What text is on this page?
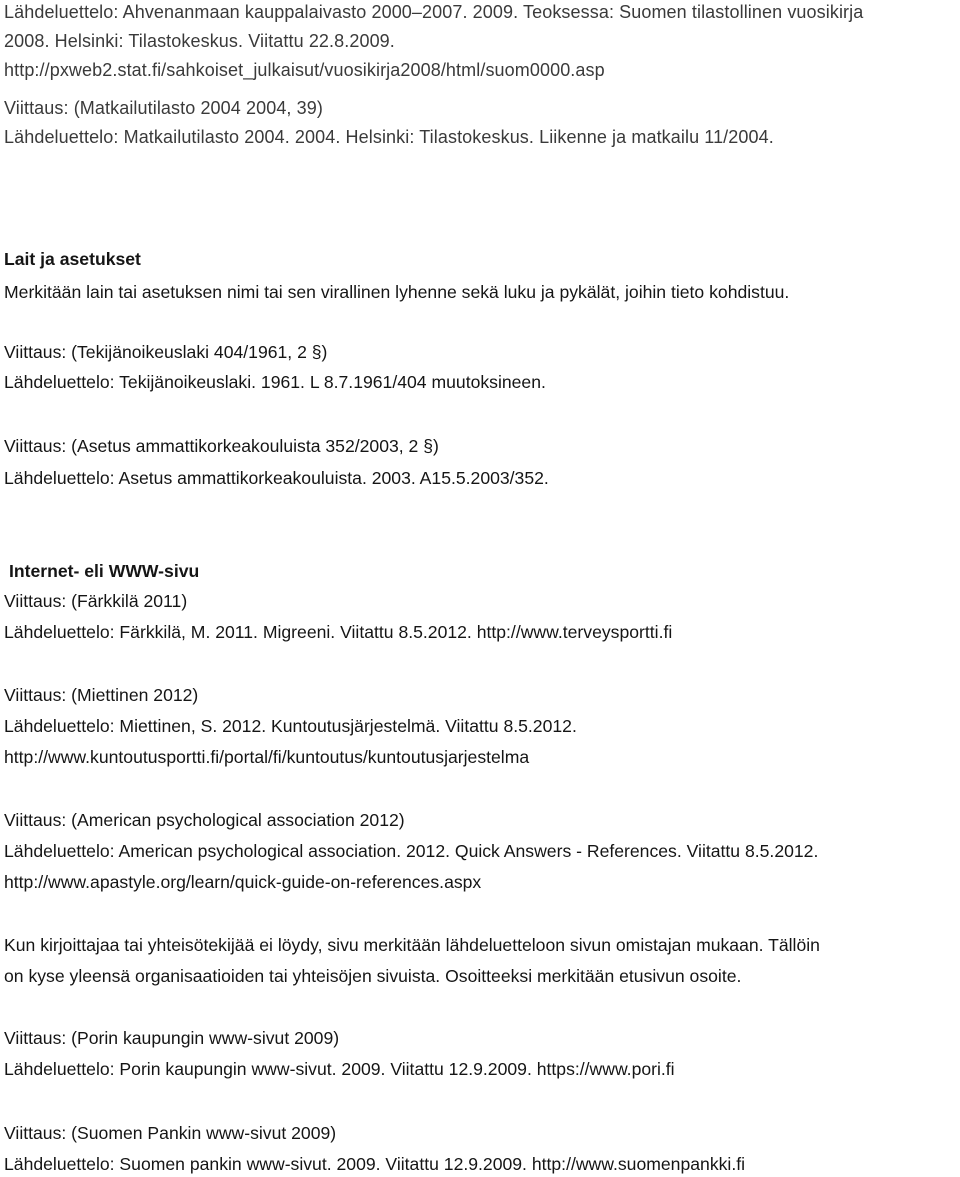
Lähdeluettelo: Ahvenanmaan kauppalaivasto 2000–2007. 2009. Teoksessa: Suomen tilastollinen vuosikirja
2008. Helsinki: Tilastokeskus. Viitattu 22.8.2009.
http://pxweb2.stat.fi/sahkoiset_julkaisut/vuosikirja2008/html/suom0000.asp
Viittaus: (Matkailutilasto 2004 2004, 39)
Lähdeluettelo: Matkailutilasto 2004. 2004. Helsinki: Tilastokeskus. Liikenne ja matkailu 11/2004.
Lait ja asetukset
Merkitään lain tai asetuksen nimi tai sen virallinen lyhenne sekä luku ja pykälät, joihin tieto kohdistuu.
Viittaus: (Tekijänoikeuslaki 404/1961, 2 §)
Lähdeluettelo: Tekijänoikeuslaki. 1961. L 8.7.1961/404 muutoksineen.
Viittaus: (Asetus ammattikorkeakouluista 352/2003, 2 §)
Lähdeluettelo: Asetus ammattikorkeakouluista. 2003. A15.5.2003/352.
Internet- eli WWW-sivu
Viittaus: (Färkkilä 2011)
Lähdeluettelo: Färkkilä, M. 2011. Migreeni. Viitattu 8.5.2012. http://www.terveysportti.fi
Viittaus: (Miettinen 2012)
Lähdeluettelo: Miettinen, S. 2012. Kuntoutusjärjestelmä. Viitattu 8.5.2012.
http://www.kuntoutusportti.fi/portal/fi/kuntoutus/kuntoutusjarjestelma
Viittaus: (American psychological association 2012)
Lähdeluettelo: American psychological association. 2012. Quick Answers - References. Viitattu 8.5.2012.
http://www.apastyle.org/learn/quick-guide-on-references.aspx
Kun kirjoittajaa tai yhteisötekijää ei löydy, sivu merkitään lähdeluetteloon sivun omistajan mukaan. Tällöin
on kyse yleensä organisaatioiden tai yhteisöjen sivuista. Osoitteeksi merkitään etusivun osoite.
Viittaus: (Porin kaupungin www-sivut 2009)
Lähdeluettelo: Porin kaupungin www-sivut. 2009. Viitattu 12.9.2009. https://www.pori.fi
Viittaus: (Suomen Pankin www-sivut 2009)
Lähdeluettelo: Suomen pankin www-sivut. 2009. Viitattu 12.9.2009. http://www.suomenpankki.fi
